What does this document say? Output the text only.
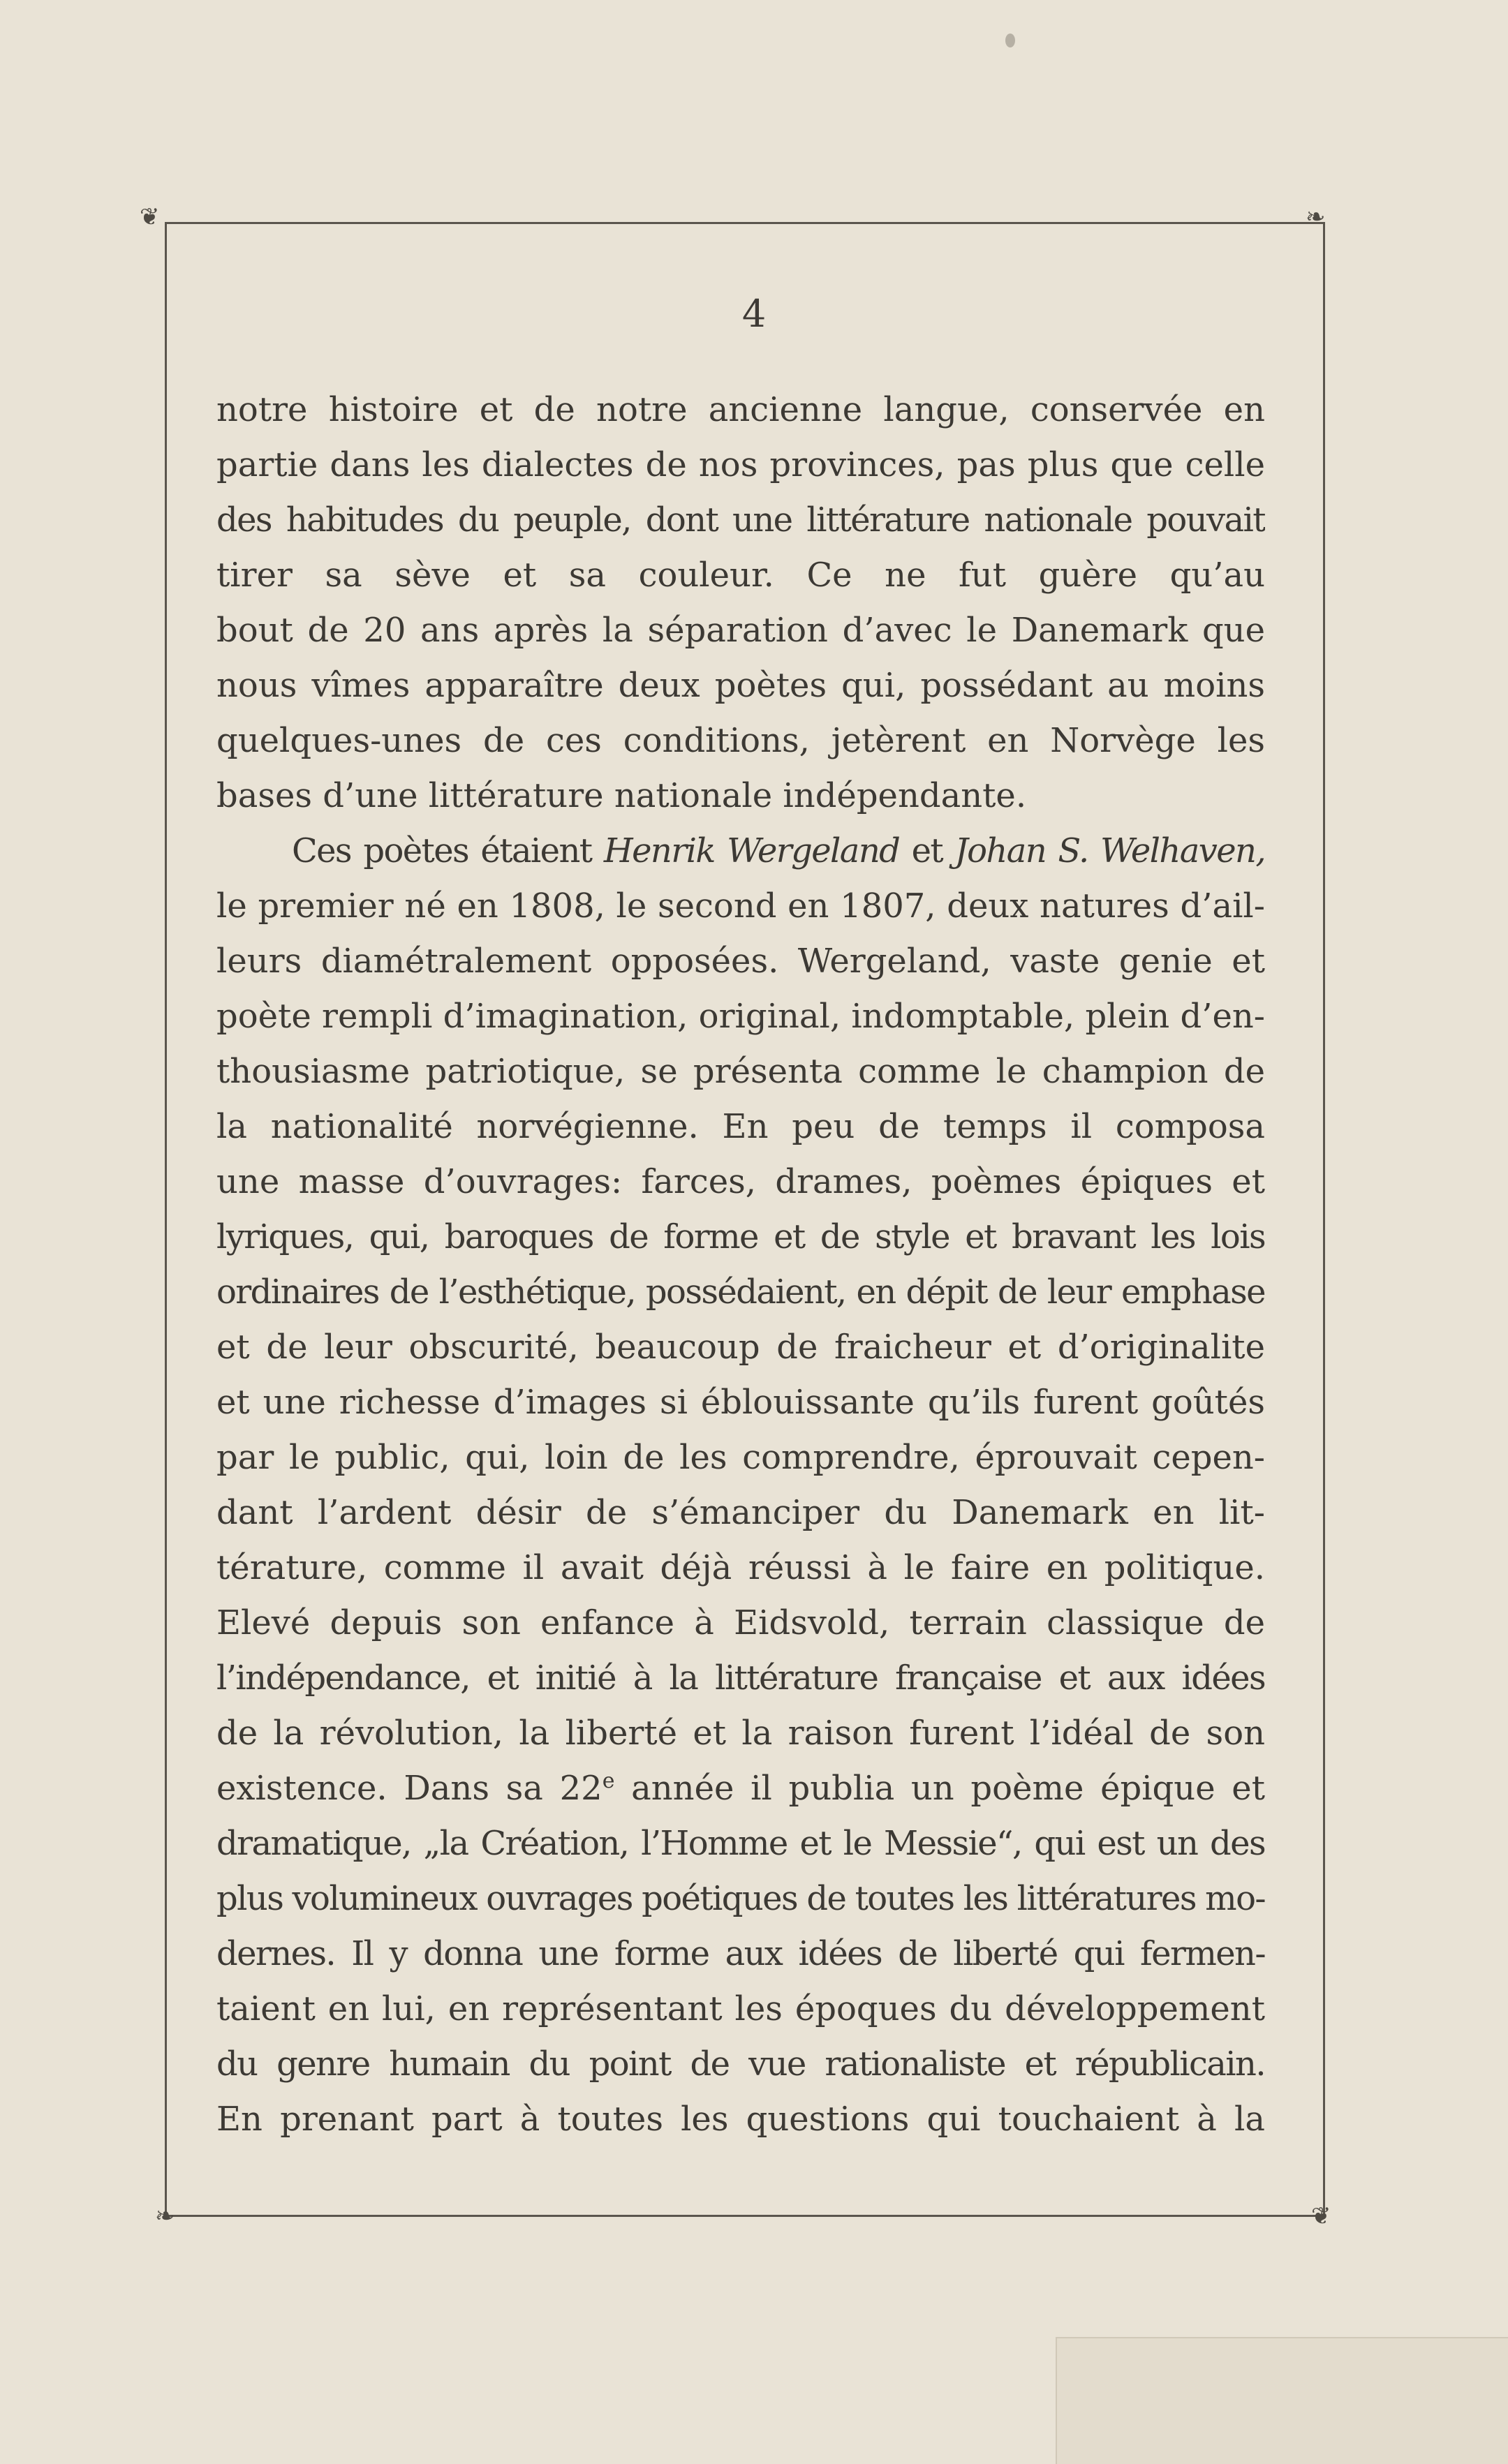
❦	❧
❧	❦
4
notre histoire et de notre ancienne langue, conservée en
partie dans les dialectes de nos provinces, pas plus que celle
des habitudes du peuple, dont une littérature nationale pouvait
tirer sa sève et sa couleur. Ce ne fut guère qu’au
bout de 20 ans après la séparation d’avec le Danemark que
nous vîmes apparaître deux poètes qui, possédant au moins
quelques-unes de ces conditions, jetèrent en Norvège les
bases d’une littérature nationale indépendante.
Ces poètes étaient Henrik Wergeland et Johan S. Welhaven,
le premier né en 1808, le second en 1807, deux natures d’ail-
leurs diamétralement opposées. Wergeland, vaste genie et
poète rempli d’imagination, original, indomptable, plein d’en-
thousiasme patriotique, se présenta comme le champion de
la nationalité norvégienne. En peu de temps il composa
une masse d’ouvrages: farces, drames, poèmes épiques et
lyriques, qui, baroques de forme et de style et bravant les lois
ordinaires de l’esthétique, possédaient, en dépit de leur emphase
et de leur obscurité, beaucoup de fraicheur et d’originalite
et une richesse d’images si éblouissante qu’ils furent goûtés
par le public, qui, loin de les comprendre, éprouvait cepen-
dant l’ardent désir de s’émanciper du Danemark en lit-
térature, comme il avait déjà réussi à le faire en politique.
Elevé depuis son enfance à Eidsvold, terrain classique de
l’indépendance, et initié à la littérature française et aux idées
de la révolution, la liberté et la raison furent l’idéal de son
existence. Dans sa 22e année il publia un poème épique et
dramatique, „la Création, l’Homme et le Messie“, qui est un des
plus volumineux ouvrages poétiques de toutes les littératures mo-
dernes. Il y donna une forme aux idées de liberté qui fermen-
taient en lui, en représentant les époques du développement
du genre humain du point de vue rationaliste et républicain.
En prenant part à toutes les questions qui touchaient à la
